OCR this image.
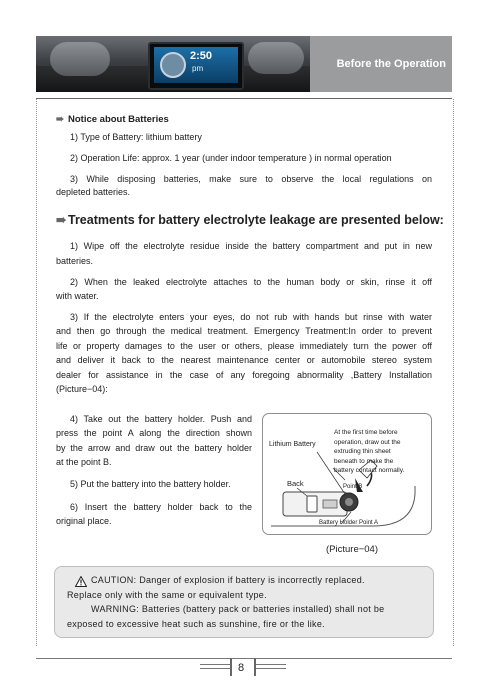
2:50
pm	Before the Operation
➠ Notice about Batteries
1) Type of Battery: lithium battery
2) Operation Life: approx. 1 year (under indoor temperature ) in normal operation
3) While disposing batteries, make sure to observe the local regulations on
depleted batteries.
➠ Treatments for battery electrolyte leakage are presented below:
1) Wipe off the electrolyte residue inside the battery compartment and put in new
batteries.
2) When the leaked electrolyte attaches to the human body or skin, rinse it off
with water.
3) If the electrolyte enters your eyes, do not rub with hands but rinse with water
and then go through the medical treatment. Emergency Treatment:In order to prevent
life or property damages to the user or others, please immediately turn the power off
and deliver it back to the nearest maintenance center or automobile stereo system
dealer for assistance in the case of any foregoing abnormality ,Battery Installation
(Picture−04):
4) Take out the battery holder. Push and
press the point A along the direction shown
by the arrow and draw out the battery holder
at the point B.
5) Put the battery into the battery holder.
6) Insert the battery holder back to the
original place.
Lithium Battery
Back	Point B
Battery Holder Point A
At the first time before
operation, draw out the
extruding thin sheet
beneath to make the
battery contact normally.
(Picture−04)
CAUTION: Danger of explosion if battery is incorrectly replaced.
Replace only with the same or equivalent type.
WARNING: Batteries (battery pack or batteries installed) shall not be
exposed to excessive heat such as sunshine, fire or the like.
8
